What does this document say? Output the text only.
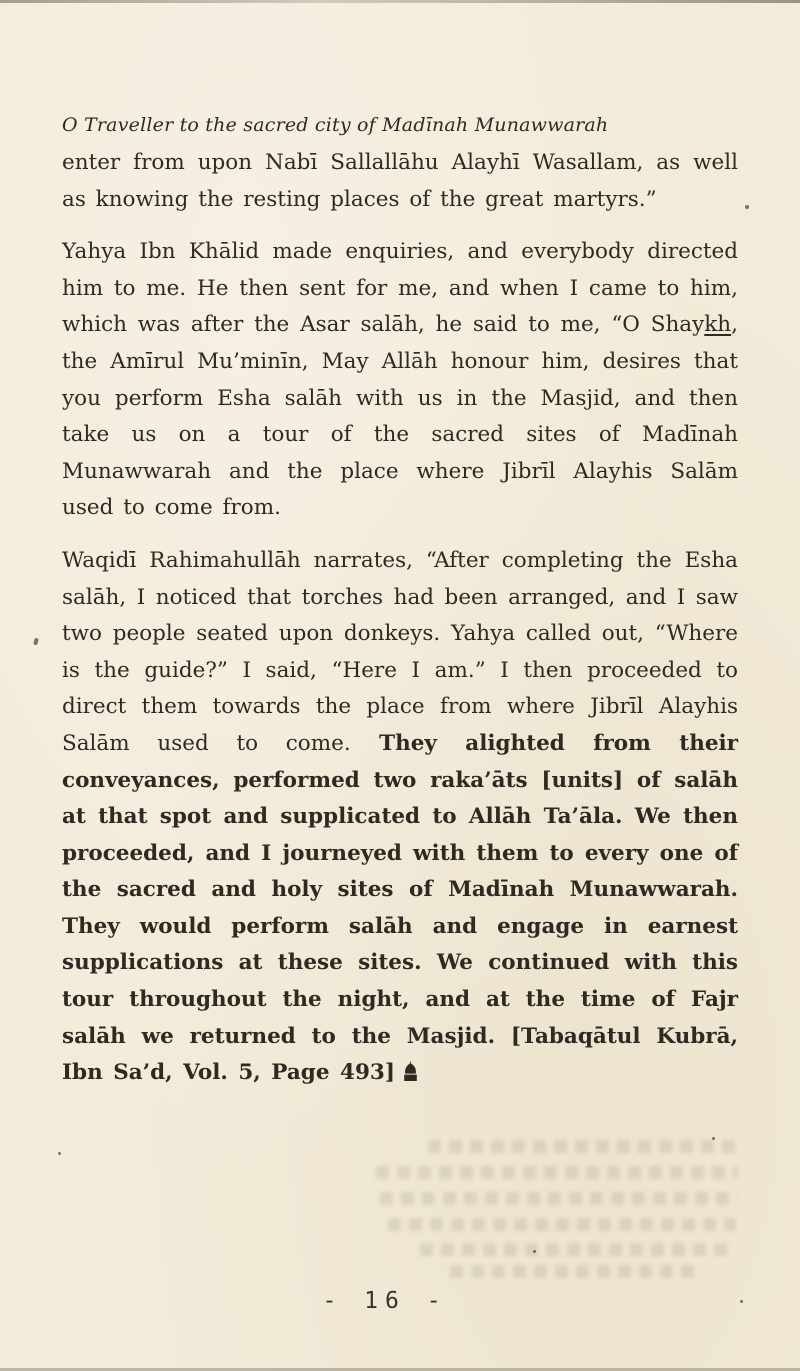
O Traveller to the sacred city of Madīnah Munawwarah

enter from upon Nabī Sallallāhu Alayhī Wasallam, as well as knowing the resting places of the great martyrs.”

Yahya Ibn Khālid made enquiries, and everybody directed him to me. He then sent for me, and when I came to him, which was after the Asar salāh, he said to me, “O Shaykh, the Amīrul Mu’minīn, May Allāh honour him, desires that you perform Esha salāh with us in the Masjid, and then take us on a tour of the sacred sites of Madīnah Munawwarah and the place where Jibrīl Alayhis Salām used to come from.

Waqidī Rahimahullāh narrates, “After completing the Esha salāh, I noticed that torches had been arranged, and I saw two people seated upon donkeys. Yahya called out, “Where is the guide?” I said, “Here I am.” I then proceeded to direct them towards the place from where Jibrīl Alayhis Salām used to come. They alighted from their conveyances, performed two raka’āts [units] of salāh at that spot and supplicated to Allāh Ta’āla. We then proceeded, and I journeyed with them to every one of the sacred and holy sites of Madīnah Munawwarah. They would perform salāh and engage in earnest supplications at these sites. We continued with this tour throughout the night, and at the time of Fajr salāh we returned to the Masjid. [Tabaqātul Kubrā, Ibn Sa’d, Vol. 5, Page 493]

- 16 -
